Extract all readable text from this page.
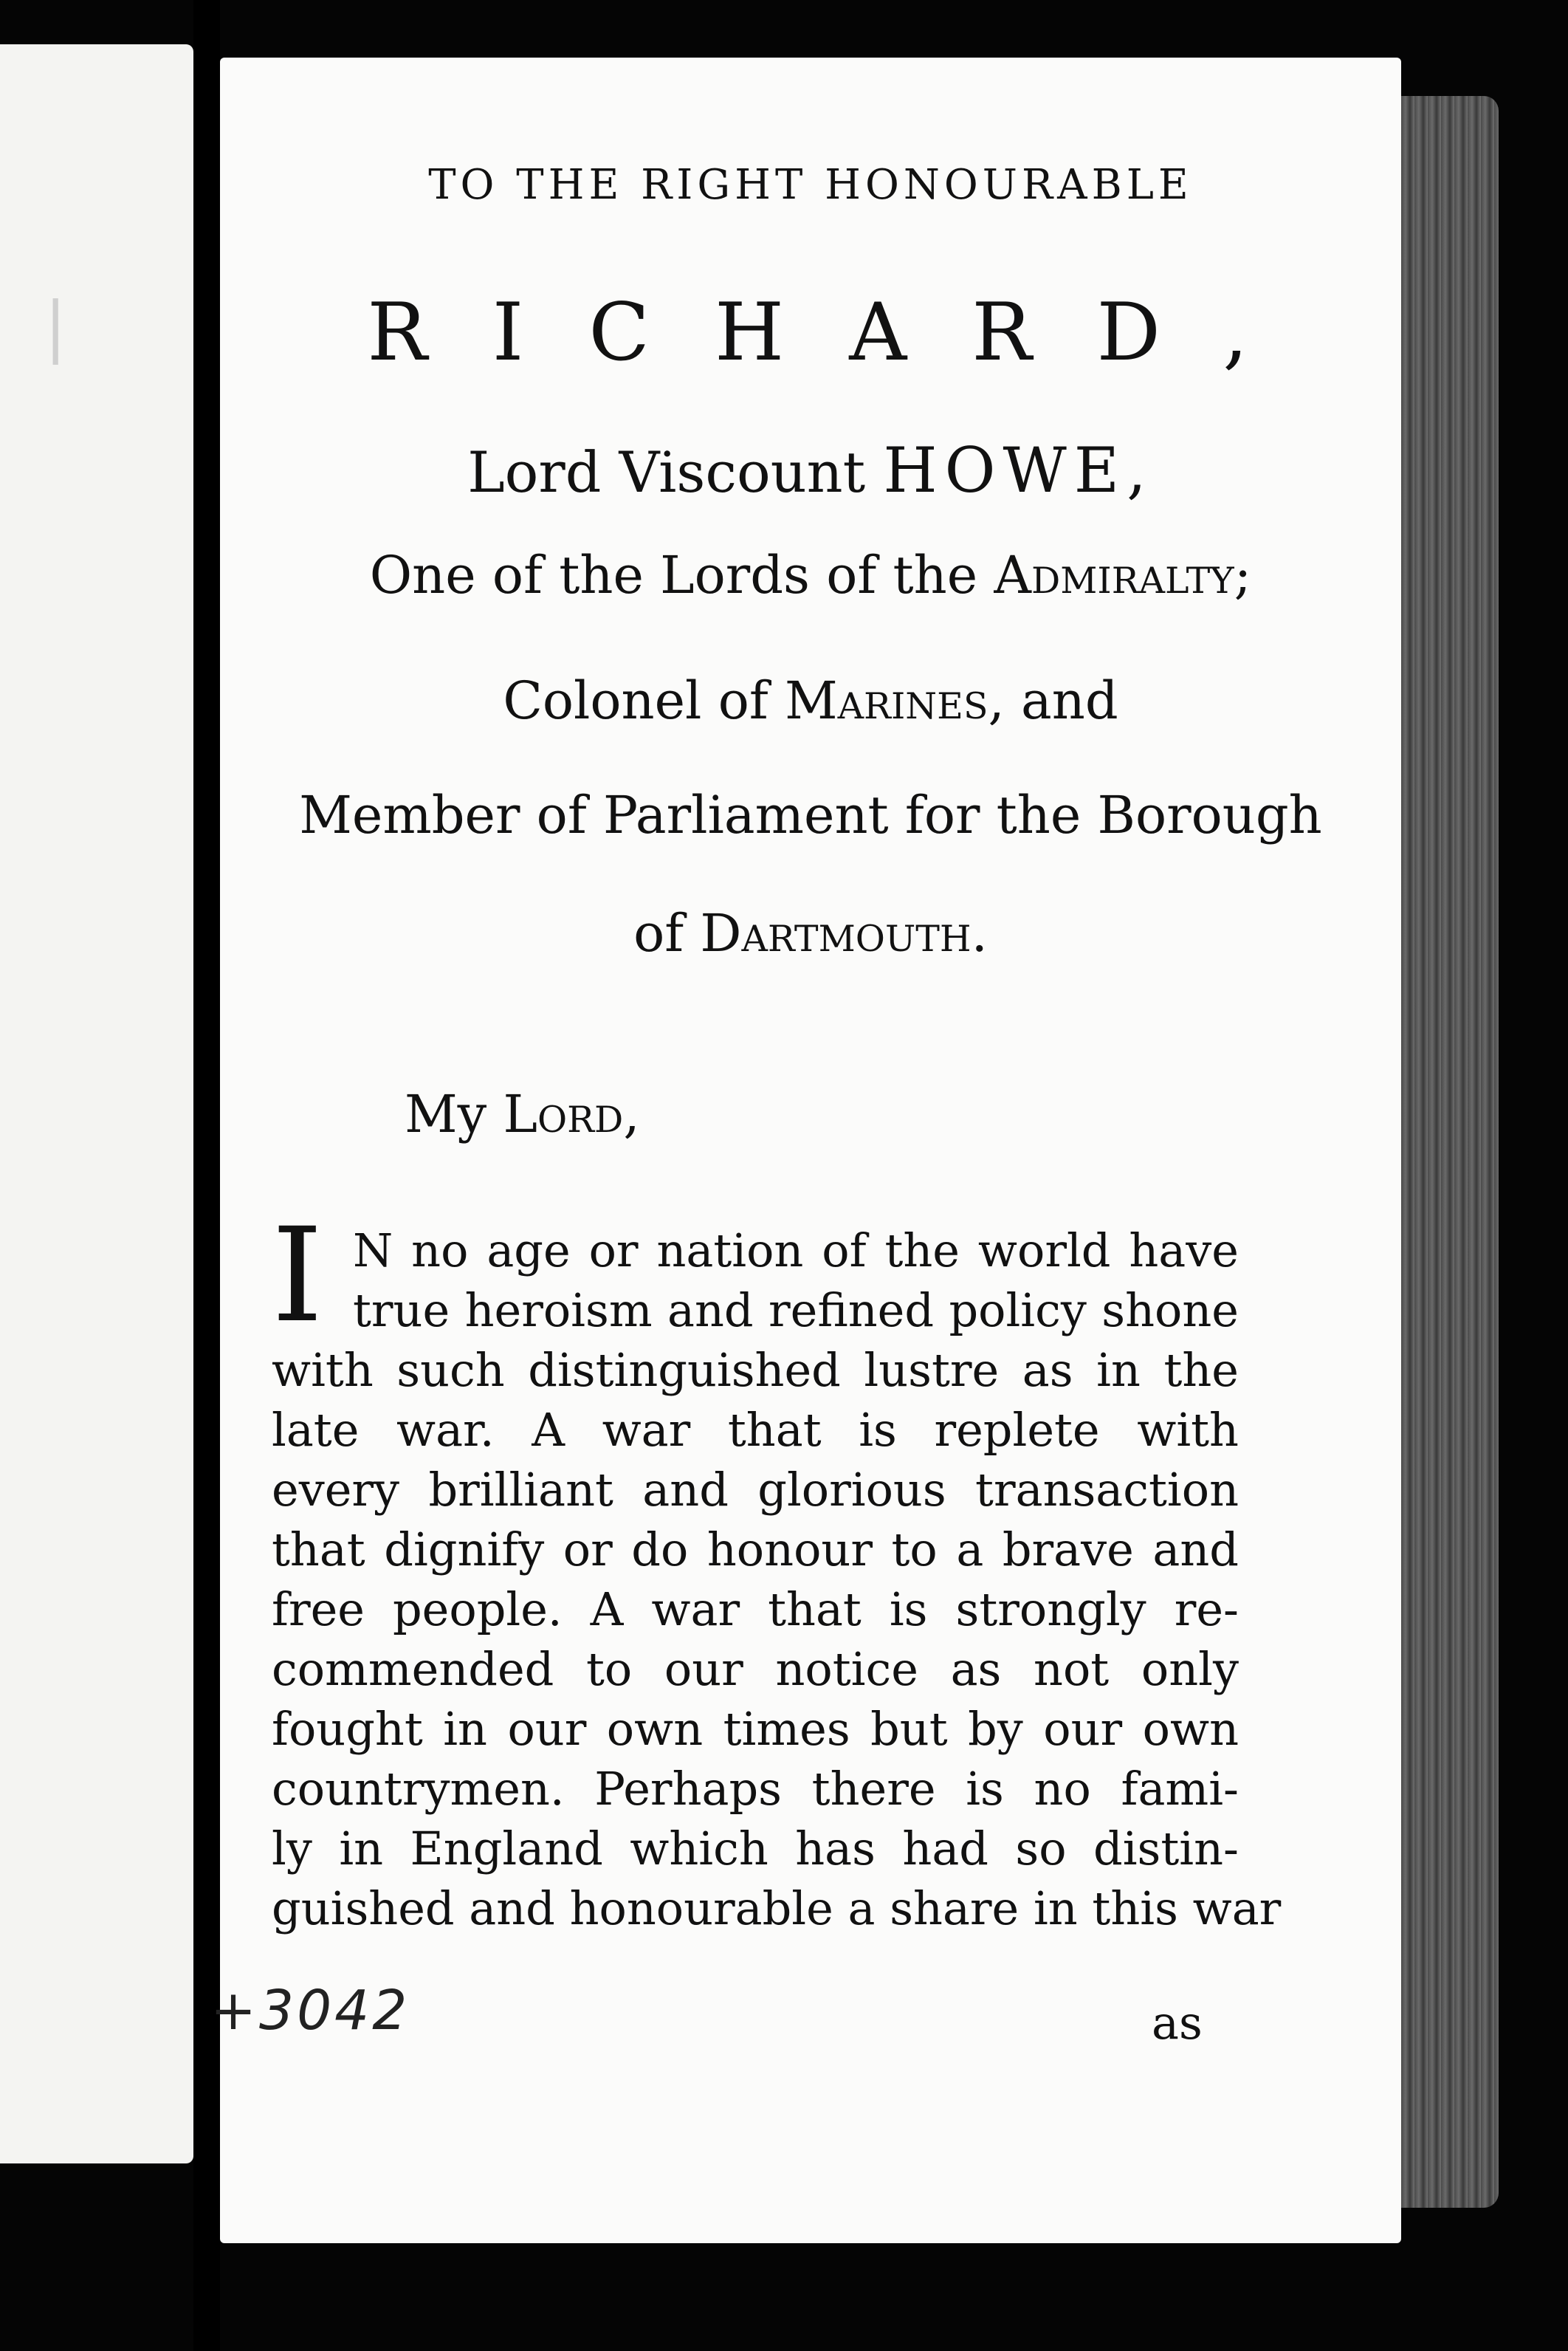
|
TO THE RIGHT HONOURABLE
RICHARD,
Lord Viscount HOWE,
One of the Lords of the Admiralty;
Colonel of Marines, and
Member of Parliament for the Borough
of Dartmouth.
My Lord,
I N no age or nation of the world have
true heroism and refined policy shone
with such distinguished lustre as in the
late war. A war that is replete with
every brilliant and glorious transaction
that dignify or do honour to a brave and
free people. A war that is strongly re-
commended to our notice as not only
fought in our own times but by our own
countrymen. Perhaps there is no fami-
ly in England which has had so distin-
guished and honourable a share in this war
as
+3042
